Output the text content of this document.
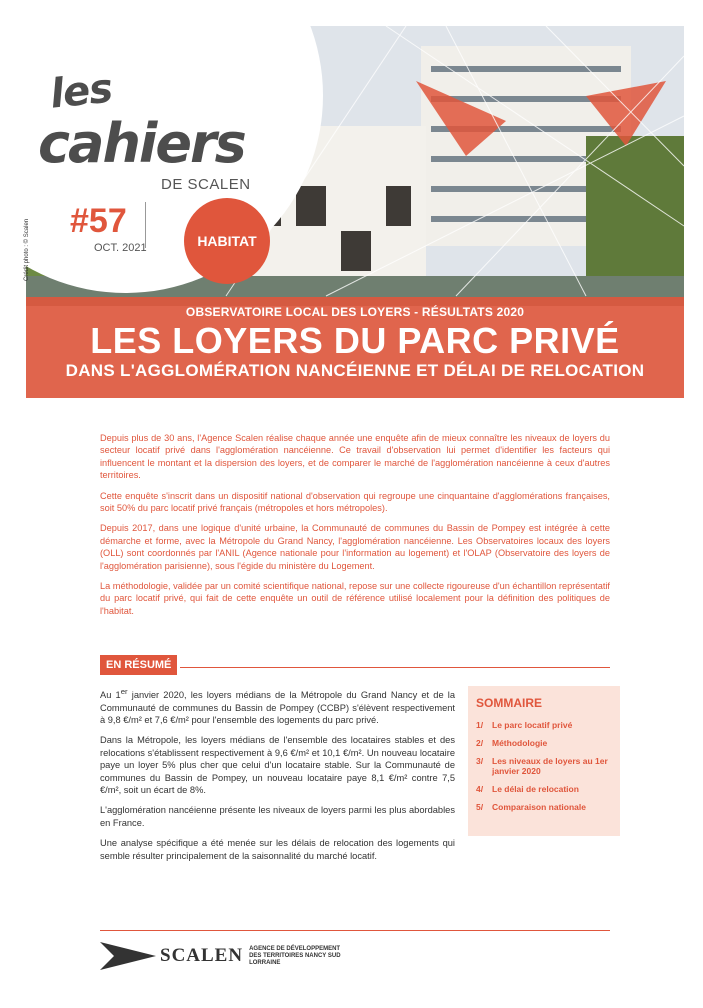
les
cahiers
DE SCALEN
#57
OCT. 2021	HABITAT
Crédit photo : © Scalen
OBSERVATOIRE LOCAL DES LOYERS - RÉSULTATS 2020
LES LOYERS DU PARC PRIVÉ
DANS L'AGGLOMÉRATION NANCÉIENNE ET DÉLAI DE RELOCATION

Depuis plus de 30 ans, l'Agence Scalen réalise chaque année une enquête afin de mieux connaître les niveaux de loyers du secteur locatif privé dans l'agglomération nancéienne. Ce travail d'observation lui permet d'identifier les facteurs qui influencent le montant et la dispersion des loyers, et de comparer le marché de l'agglomération nancéienne à ceux d'autres territoires.

Cette enquête s'inscrit dans un dispositif national d'observation qui regroupe une cinquantaine d'agglomérations françaises, soit 50% du parc locatif privé français (métropoles et hors métropoles).

Depuis 2017, dans une logique d'unité urbaine, la Communauté de communes du Bassin de Pompey est intégrée à cette démarche et forme, avec la Métropole du Grand Nancy, l'agglomération nancéienne. Les Observatoires locaux des loyers (OLL) sont coordonnés par l'ANIL (Agence nationale pour l'information au logement) et l'OLAP (Observatoire des loyers de l'agglomération parisienne), sous l'égide du ministère du Logement.

La méthodologie, validée par un comité scientifique national, repose sur une collecte rigoureuse d'un échantillon représentatif du parc locatif privé, qui fait de cette enquête un outil de référence utilisé localement pour la définition des politiques de l'habitat.

EN RÉSUMÉ

Au 1er janvier 2020, les loyers médians de la Métropole du Grand Nancy et de la Communauté de communes du Bassin de Pompey (CCBP) s'élèvent respectivement à 9,8 €/m² et 7,6 €/m² pour l'ensemble des logements du parc privé.

Dans la Métropole, les loyers médians de l'ensemble des locataires stables et des relocations s'établissent respectivement à 9,6 €/m² et 10,1 €/m². Un nouveau locataire paye un loyer 5% plus cher que celui d'un locataire stable. Sur la Communauté de communes du Bassin de Pompey, un nouveau locataire paye 8,1 €/m² contre 7,5 €/m², soit un écart de 8%.

L'agglomération nancéienne présente les niveaux de loyers parmi les plus abordables en France.

Une analyse spécifique a été menée sur les délais de relocation des logements qui semble résulter principalement de la saisonnalité du marché locatif.

SOMMAIRE
1/	Le parc locatif privé
2/	Méthodologie
3/	Les niveaux de loyers au 1er janvier 2020
4/	Le délai de relocation
5/	Comparaison nationale
SCALEN AGENCE DE DÉVELOPPEMENT DES TERRITOIRES NANCY SUD LORRAINE
